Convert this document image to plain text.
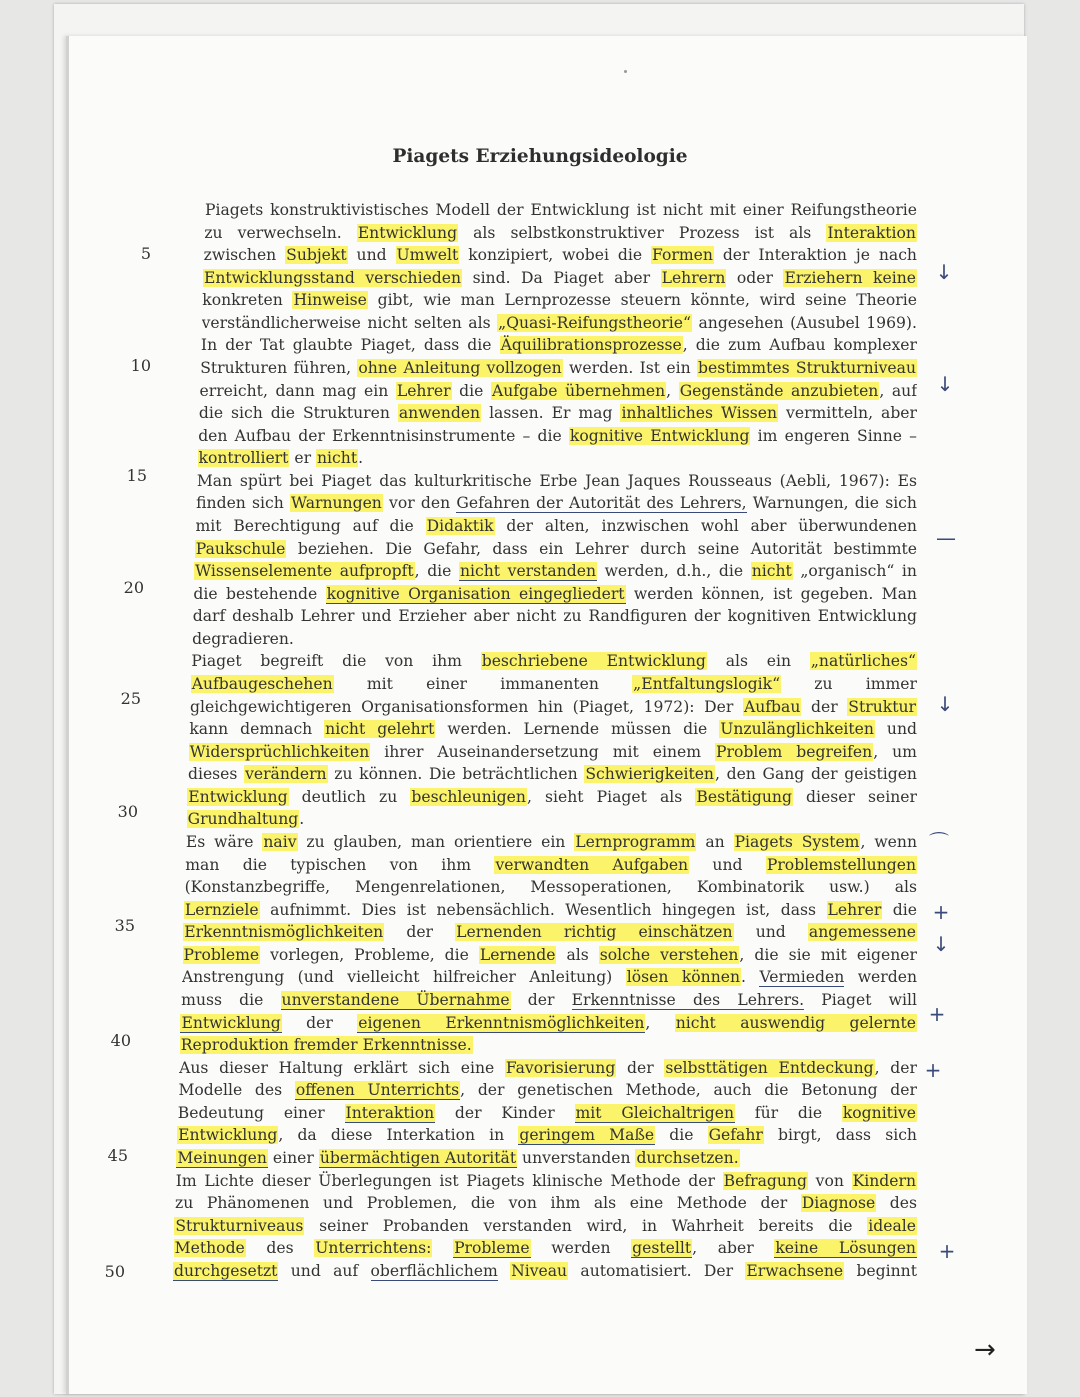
Piagets Erziehungsideologie
Piagets konstruktivistisches Modell der Entwicklung ist nicht mit einer Reifungstheorie
zu verwechseln. Entwicklung als selbstkonstruktiver Prozess ist als Interaktion
zwischen Subjekt und Umwelt konzipiert, wobei die Formen der Interaktion je nach
Entwicklungsstand verschieden sind. Da Piaget aber Lehrern oder Erziehern keine
konkreten Hinweise gibt, wie man Lernprozesse steuern könnte, wird seine Theorie
verständlicherweise nicht selten als „Quasi-Reifungstheorie“ angesehen (Ausubel 1969).
In der Tat glaubte Piaget, dass die Äquilibrationsprozesse, die zum Aufbau komplexer
Strukturen führen, ohne Anleitung vollzogen werden. Ist ein bestimmtes Strukturniveau
erreicht, dann mag ein Lehrer die Aufgabe übernehmen, Gegenstände anzubieten, auf
die sich die Strukturen anwenden lassen. Er mag inhaltliches Wissen vermitteln, aber
den Aufbau der Erkenntnisinstrumente – die kognitive Entwicklung im engeren Sinne –
kontrolliert er nicht.
Man spürt bei Piaget das kulturkritische Erbe Jean Jaques Rousseaus (Aebli, 1967): Es
finden sich Warnungen vor den Gefahren der Autorität des Lehrers, Warnungen, die sich
mit Berechtigung auf die Didaktik der alten, inzwischen wohl aber überwundenen
Paukschule beziehen. Die Gefahr, dass ein Lehrer durch seine Autorität bestimmte
Wissenselemente aufpropft, die nicht verstanden werden, d.h., die nicht „organisch“ in
die bestehende kognitive Organisation eingegliedert werden können, ist gegeben. Man
darf deshalb Lehrer und Erzieher aber nicht zu Randfiguren der kognitiven Entwicklung
degradieren.
Piaget begreift die von ihm beschriebene Entwicklung als ein „natürliches“
Aufbaugeschehen mit einer immanenten „Entfaltungslogik“ zu immer
gleichgewichtigeren Organisationsformen hin (Piaget, 1972): Der Aufbau der Struktur
kann demnach nicht gelehrt werden. Lernende müssen die Unzulänglichkeiten und
Widersprüchlichkeiten ihrer Auseinandersetzung mit einem Problem begreifen, um
dieses verändern zu können. Die beträchtlichen Schwierigkeiten, den Gang der geistigen
Entwicklung deutlich zu beschleunigen, sieht Piaget als Bestätigung dieser seiner
Grundhaltung.
Es wäre naiv zu glauben, man orientiere ein Lernprogramm an Piagets System, wenn
man die typischen von ihm verwandten Aufgaben und Problemstellungen
(Konstanzbegriffe, Mengenrelationen, Messoperationen, Kombinatorik usw.) als
Lernziele aufnimmt. Dies ist nebensächlich. Wesentlich hingegen ist, dass Lehrer die
Erkenntnismöglichkeiten der Lernenden richtig einschätzen und angemessene
Probleme vorlegen, Probleme, die Lernende als solche verstehen, die sie mit eigener
Anstrengung (und vielleicht hilfreicher Anleitung) lösen können. Vermieden werden
muss die unverstandene Übernahme der Erkenntnisse des Lehrers. Piaget will
Entwicklung der eigenen Erkenntnismöglichkeiten, nicht auswendig gelernte
Reproduktion fremder Erkenntnisse.
Aus dieser Haltung erklärt sich eine Favorisierung der selbsttätigen Entdeckung, der
Modelle des offenen Unterrichts, der genetischen Methode, auch die Betonung der
Bedeutung einer Interaktion der Kinder mit Gleichaltrigen für die kognitive
Entwicklung, da diese Interkation in geringem Maße die Gefahr birgt, dass sich
Meinungen einer übermächtigen Autorität unverstanden durchsetzen.
Im Lichte dieser Überlegungen ist Piagets klinische Methode der Befragung von Kindern
zu Phänomenen und Problemen, die von ihm als eine Methode der Diagnose des
Strukturniveaus seiner Probanden verstanden wird, in Wahrheit bereits die ideale
Methode des Unterrichtens: Probleme werden gestellt, aber keine Lösungen
durchgesetzt und auf oberflächlichem Niveau automatisiert. Der Erwachsene beginnt
5
10
15
20
25
30
35
40
45
50
↓
↓
—
↓
⌒
+
↓
+
+
+
→
